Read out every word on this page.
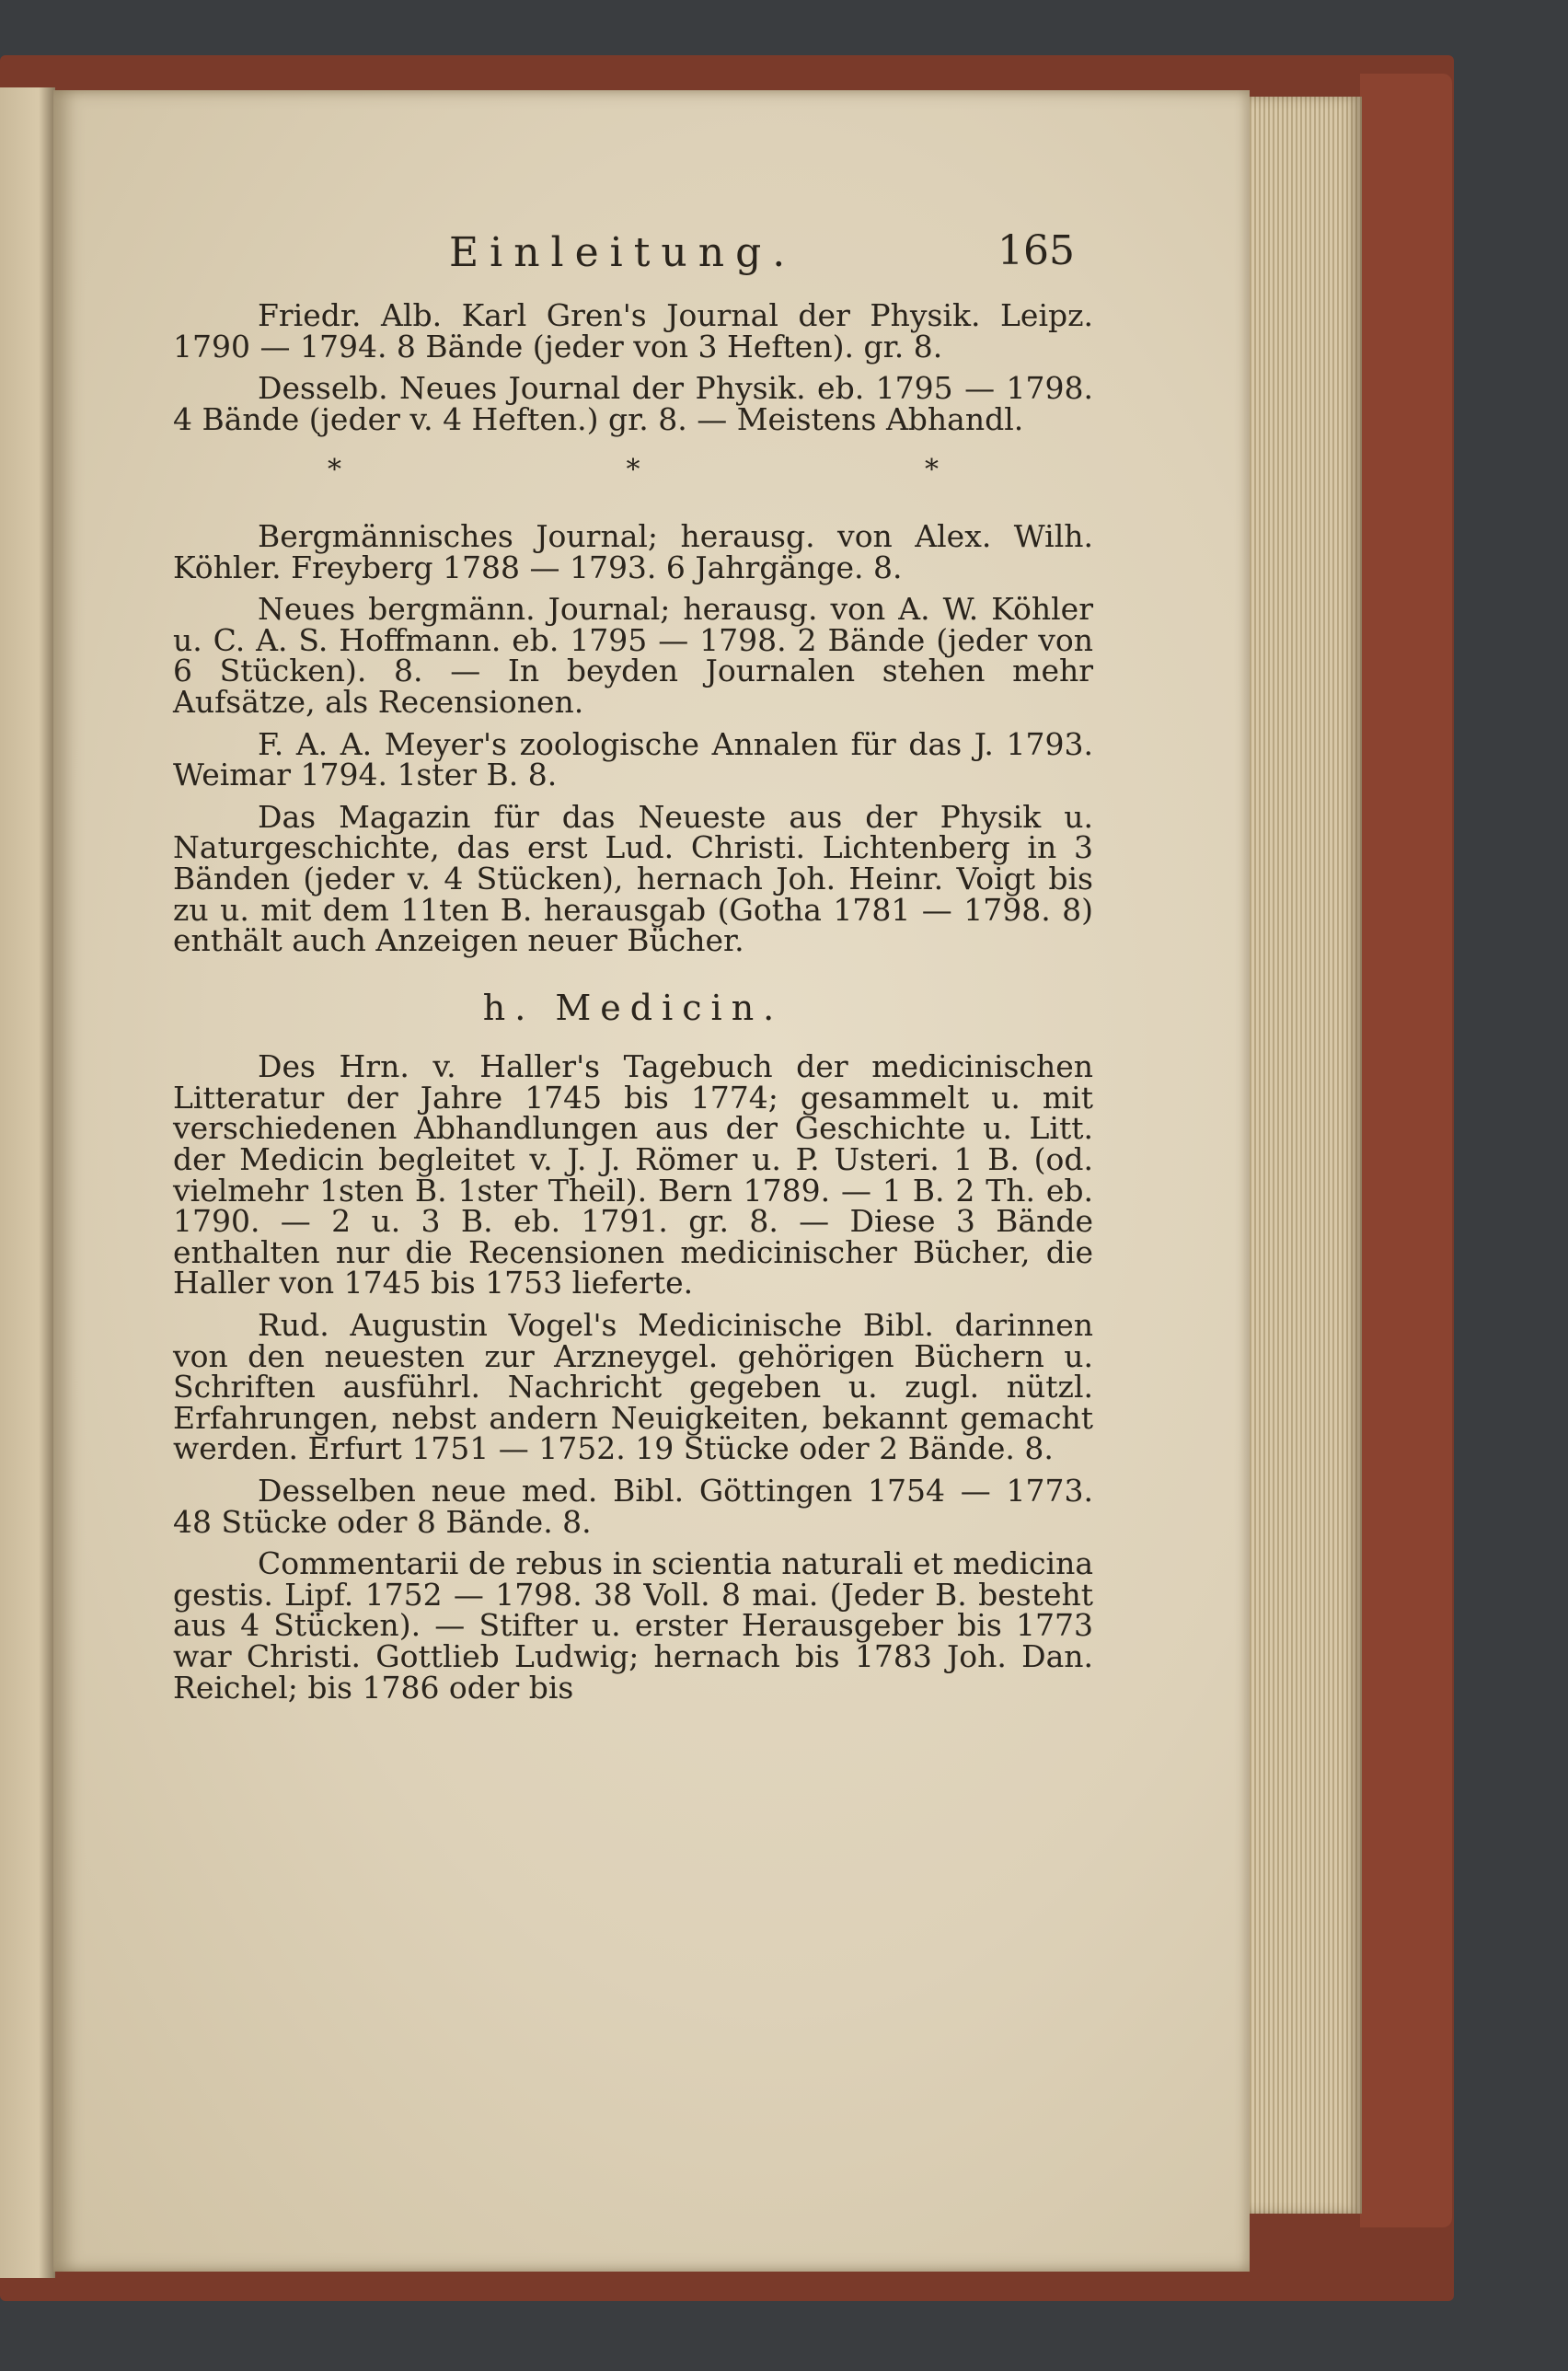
Einleitung.	165

Friedr. Alb. Karl Gren's Journal der Physik. Leipz. 1790 — 1794. 8 Bände (jeder von 3 Heften). gr. 8.

Desselb. Neues Journal der Physik. eb. 1795 — 1798. 4 Bände (jeder v. 4 Heften.) gr. 8. — Meistens Abhandl.

* * *

Bergmännisches Journal; herausg. von Alex. Wilh. Köhler. Freyberg 1788 — 1793. 6 Jahrgänge. 8.

Neues bergmänn. Journal; herausg. von A. W. Köhler u. C. A. S. Hoffmann. eb. 1795 — 1798. 2 Bände (jeder von 6 Stücken). 8. — In beyden Journalen stehen mehr Aufsätze, als Recensionen.

F. A. A. Meyer's zoologische Annalen für das J. 1793. Weimar 1794. 1ster B. 8.

Das Magazin für das Neueste aus der Physik u. Naturgeschichte, das erst Lud. Christi. Lichtenberg in 3 Bänden (jeder v. 4 Stücken), hernach Joh. Heinr. Voigt bis zu u. mit dem 11ten B. herausgab (Gotha 1781 — 1798. 8) enthält auch Anzeigen neuer Bücher.

h. Medicin.

Des Hrn. v. Haller's Tagebuch der medicinischen Litteratur der Jahre 1745 bis 1774; gesammelt u. mit verschiedenen Abhandlungen aus der Geschichte u. Litt. der Medicin begleitet v. J. J. Römer u. P. Usteri. 1 B. (od. vielmehr 1sten B. 1ster Theil). Bern 1789. — 1 B. 2 Th. eb. 1790. — 2 u. 3 B. eb. 1791. gr. 8. — Diese 3 Bände enthalten nur die Recensionen medicinischer Bücher, die Haller von 1745 bis 1753 lieferte.

Rud. Augustin Vogel's Medicinische Bibl. darinnen von den neuesten zur Arzneygel. gehörigen Büchern u. Schriften ausführl. Nachricht gegeben u. zugl. nützl. Erfahrungen, nebst andern Neuigkeiten, bekannt gemacht werden. Erfurt 1751 — 1752. 19 Stücke oder 2 Bände. 8.

Desselben neue med. Bibl. Göttingen 1754 — 1773. 48 Stücke oder 8 Bände. 8.

Commentarii de rebus in scientia naturali et medicina gestis. Lipf. 1752 — 1798. 38 Voll. 8 mai. (Jeder B. besteht aus 4 Stücken). — Stifter u. erster Herausgeber bis 1773 war Christi. Gottlieb Ludwig; hernach bis 1783 Joh. Dan. Reichel; bis 1786 oder bis
